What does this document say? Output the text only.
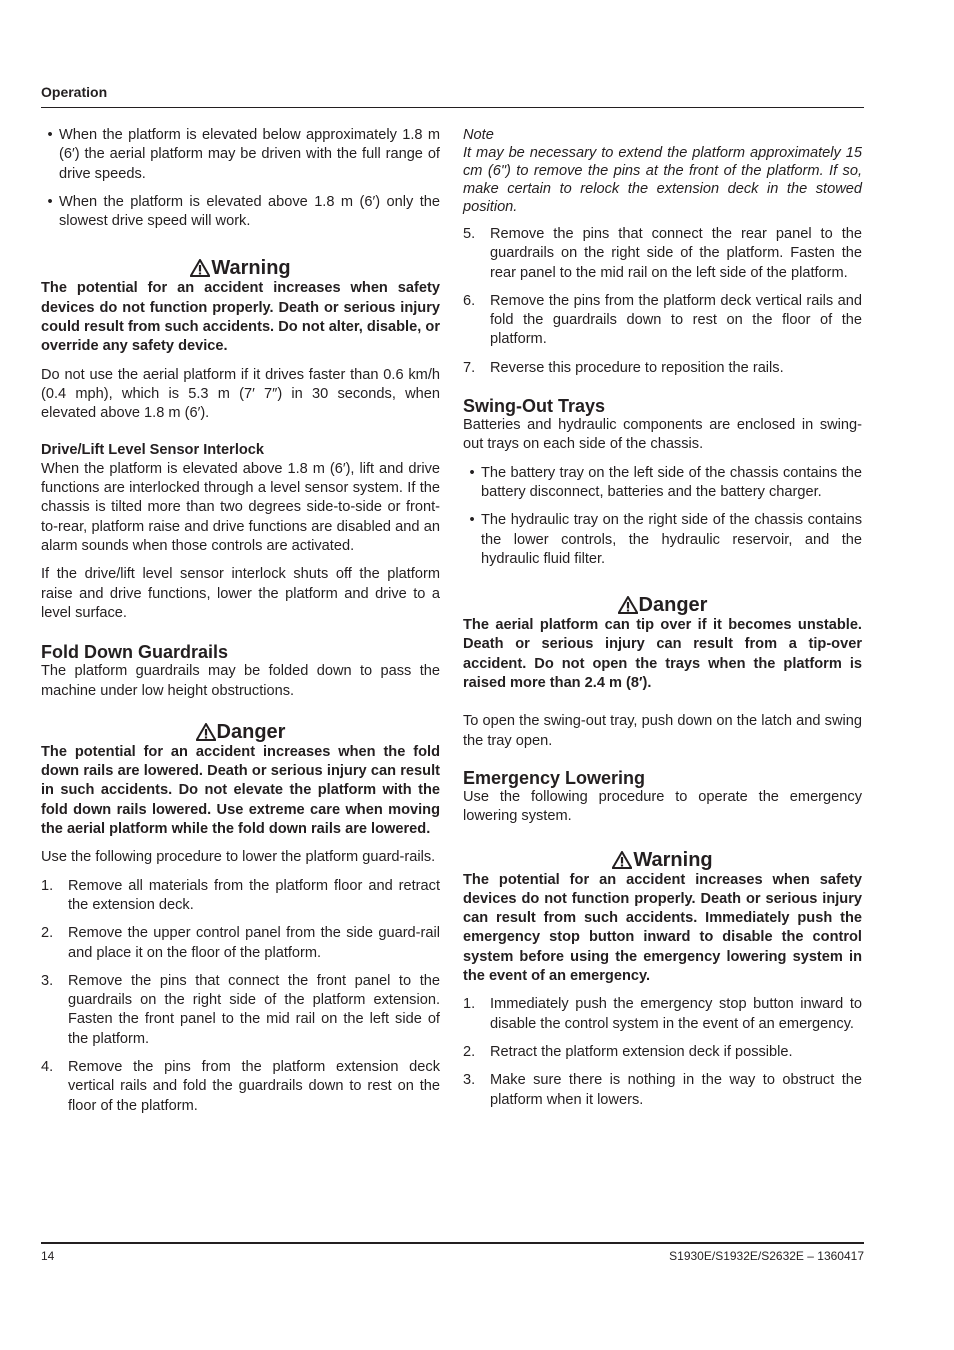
Operation
• When the platform is elevated below approximately 1.8 m (6′) the aerial platform may be driven with the full range of drive speeds.
• When the platform is elevated above 1.8 m (6′) only the slowest drive speed will work.
Warning

The potential for an accident increases when safety devices do not function properly. Death or serious injury could result from such accidents. Do not alter, disable, or override any safety device.

Do not use the aerial platform if it drives faster than 0.6 km/h (0.4 mph), which is 5.3 m (7′ 7″) in 30 seconds, when elevated above 1.8 m (6′).

Drive/Lift Level Sensor Interlock

When the platform is elevated above 1.8 m (6′), lift and drive functions are interlocked through a level sensor system. If the chassis is tilted more than two degrees side-to-side or front-to-rear, platform raise and drive functions are disabled and an alarm sounds when those controls are activated.

If the drive/lift level sensor interlock shuts off the platform raise and drive functions, lower the platform and drive to a level surface.

Fold Down Guardrails

The platform guardrails may be folded down to pass the machine under low height obstructions.

Danger

The potential for an accident increases when the fold down rails are lowered. Death or serious injury can result in such accidents. Do not elevate the platform with the fold down rails lowered. Use extreme care when moving the aerial platform while the fold down rails are lowered.

Use the following procedure to lower the platform guard-rails.

1.	Remove all materials from the platform floor and retract the extension deck.
2.	Remove the upper control panel from the side guard-rail and place it on the floor of the platform.
3.	Remove the pins that connect the front panel to the guardrails on the right side of the platform extension. Fasten the front panel to the mid rail on the left side of the platform.
4.	Remove the pins from the platform extension deck vertical rails and fold the guardrails down to rest on the floor of the platform.

Note

It may be necessary to extend the platform approximately 15 cm (6") to remove the pins at the front of the platform. If so, make certain to relock the extension deck in the stowed position.

5.	Remove the pins that connect the rear panel to the guardrails on the right side of the platform. Fasten the rear panel to the mid rail on the left side of the platform.
6.	Remove the pins from the platform deck vertical rails and fold the guardrails down to rest on the floor of the platform.
7.	Reverse this procedure to reposition the rails.

Swing-Out Trays

Batteries and hydraulic components are enclosed in swing-out trays on each side of the chassis.

• The battery tray on the left side of the chassis contains the battery disconnect, batteries and the battery charger.
• The hydraulic tray on the right side of the chassis contains the lower controls, the hydraulic reservoir, and the hydraulic fluid filter.
Danger

The aerial platform can tip over if it becomes unstable. Death or serious injury can result from a tip-over accident. Do not open the trays when the platform is raised more than 2.4 m (8′).

To open the swing-out tray, push down on the latch and swing the tray open.

Emergency Lowering

Use the following procedure to operate the emergency lowering system.

Warning

The potential for an accident increases when safety devices do not function properly. Death or serious injury can result from such accidents. Immediately push the emergency stop button inward to disable the control system before using the emergency lowering system in the event of an emergency.

1.	Immediately push the emergency stop button inward to disable the control system in the event of an emergency.
2.	Retract the platform extension deck if possible.
3.	Make sure there is nothing in the way to obstruct the platform when it lowers.
14	S1930E/S1932E/S2632E – 1360417
